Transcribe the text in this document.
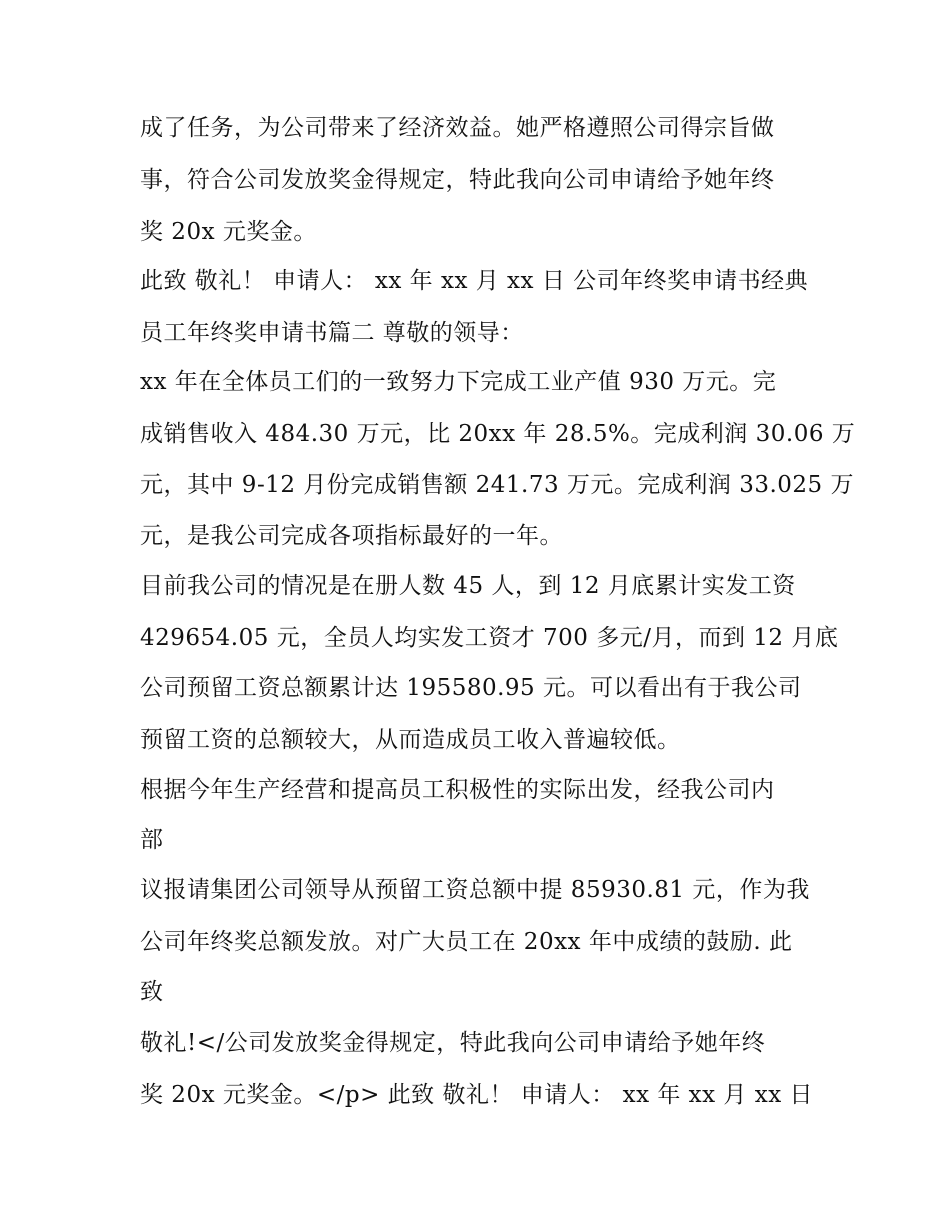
成了任务，为公司带来了经济效益。她严格遵照公司得宗旨做

事，符合公司发放奖金得规定，特此我向公司申请给予她年终

奖 20x 元奖金。

此致 敬礼！ 申请人： xx 年 xx 月 xx 日 公司年终奖申请书经典

员工年终奖申请书篇二 尊敬的领导：

xx 年在全体员工们的一致努力下完成工业产值 930 万元。完

成销售收入 484.30 万元，比 20xx 年 28.5%。完成利润 30.06 万

元，其中 9-12 月份完成销售额 241.73 万元。完成利润 33.025 万

元，是我公司完成各项指标最好的一年。

目前我公司的情况是在册人数 45 人，到 12 月底累计实发工资

429654.05 元，全员人均实发工资才 700 多元/月，而到 12 月底

公司预留工资总额累计达 195580.95 元。可以看出有于我公司

预留工资的总额较大，从而造成员工收入普遍较低。

根据今年生产经营和提高员工积极性的实际出发，经我公司内

部

议报请集团公司领导从预留工资总额中提 85930.81 元，作为我

公司年终奖总额发放。对广大员工在 20xx 年中成绩的鼓励. 此

致

敬礼!</公司发放奖金得规定，特此我向公司申请给予她年终

奖 20x 元奖金。</p> 此致 敬礼！ 申请人： xx 年 xx 月 xx 日
